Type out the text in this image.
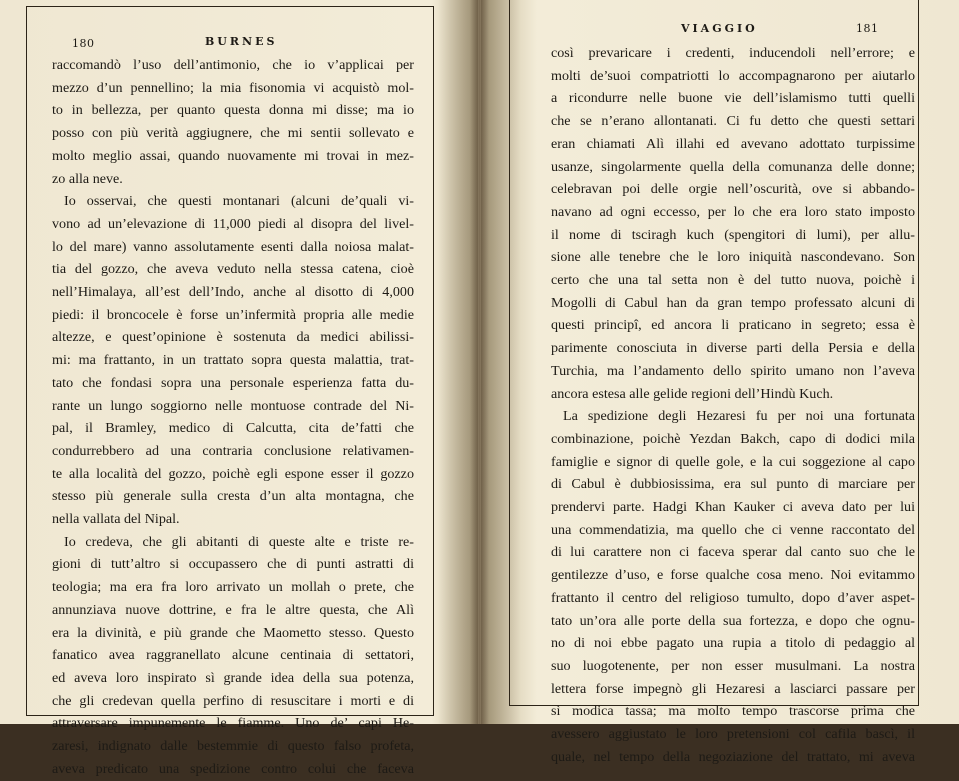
180	BURNES
raccomandò l’uso dell’antimonio, che io v’applicai per
mezzo d’un pennellino; la mia fisonomia vi acquistò mol-
to in bellezza, per quanto questa donna mi disse; ma io
posso con più verità aggiugnere, che mi sentii sollevato e
molto meglio assai, quando nuovamente mi trovai in mez-
zo alla neve.
Io osservai, che questi montanari (alcuni de’quali vi-
vono ad un’elevazione di 11,000 piedi al disopra del livel-
lo del mare) vanno assolutamente esenti dalla noiosa malat-
tia del gozzo, che aveva veduto nella stessa catena, cioè
nell’Himalaya, all’est dell’Indo, anche al disotto di 4,000
piedi: il broncocele è forse un’infermità propria alle medie
altezze, e quest’opinione è sostenuta da medici abilissi-
mi: ma frattanto, in un trattato sopra questa malattia, trat-
tato che fondasi sopra una personale esperienza fatta du-
rante un lungo soggiorno nelle montuose contrade del Ni-
pal, il Bramley, medico di Calcutta, cita de’fatti che
condurrebbero ad una contraria conclusione relativamen-
te alla località del gozzo, poichè egli espone esser il gozzo
stesso più generale sulla cresta d’un alta montagna, che
nella vallata del Nipal.
Io credeva, che gli abitanti di queste alte e triste re-
gioni di tutt’altro si occupassero che di punti astratti di
teologia; ma era fra loro arrivato un mollah o prete, che
annunziava nuove dottrine, e fra le altre questa, che Alì
era la divinità, e più grande che Maometto stesso. Questo
fanatico avea raggranellato alcune centinaia di settatori,
ed aveva loro inspirato sì grande idea della sua potenza,
che gli credevan quella perfino di resuscitare i morti e di
attraversare impunemente le fiamme. Uno de’ capi He-
zaresi, indignato dalle bestemmie di questo falso profeta,
aveva predicato una spedizione contro colui che faceva
VIAGGIO	181
così prevaricare i credenti, inducendoli nell’errore; e
molti de’suoi compatriotti lo accompagnarono per aiutarlo
a ricondurre nelle buone vie dell’islamismo tutti quelli
che se n’erano allontanati. Ci fu detto che questi settari
eran chiamati Alì illahi ed avevano adottato turpissime
usanze, singolarmente quella della comunanza delle donne;
celebravan poi delle orgie nell’oscurità, ove si abbando-
navano ad ogni eccesso, per lo che era loro stato imposto
il nome di tsciragh kuch (spengitori di lumi), per allu-
sione alle tenebre che le loro iniquità nascondevano. Son
certo che una tal setta non è del tutto nuova, poichè i
Mogolli di Cabul han da gran tempo professato alcuni di
questi principî, ed ancora li praticano in segreto; essa è
parimente conosciuta in diverse parti della Persia e della
Turchia, ma l’andamento dello spirito umano non l’aveva
ancora estesa alle gelide regioni dell’Hindù Kuch.
La spedizione degli Hezaresi fu per noi una fortunata
combinazione, poichè Yezdan Bakch, capo di dodici mila
famiglie e signor di quelle gole, e la cui soggezione al capo
di Cabul è dubbiosissima, era sul punto di marciare per
prendervi parte. Hadgi Khan Kauker ci aveva dato per lui
una commendatizia, ma quello che ci venne raccontato del
di lui carattere non ci faceva sperar dal canto suo che le
gentilezze d’uso, e forse qualche cosa meno. Noi evitammo
frattanto il centro del religioso tumulto, dopo d’aver aspet-
tato un’ora alle porte della sua fortezza, e dopo che ognu-
no di noi ebbe pagato una rupia a titolo di pedaggio al
suo luogotenente, per non esser musulmani. La nostra
lettera forse impegnò gli Hezaresi a lasciarci passare per
sì modica tassa; ma molto tempo trascorse prima che
avessero aggiustato le loro pretensioni col cafila bascì, il
quale, nel tempo della negoziazione del trattato, mi aveva
